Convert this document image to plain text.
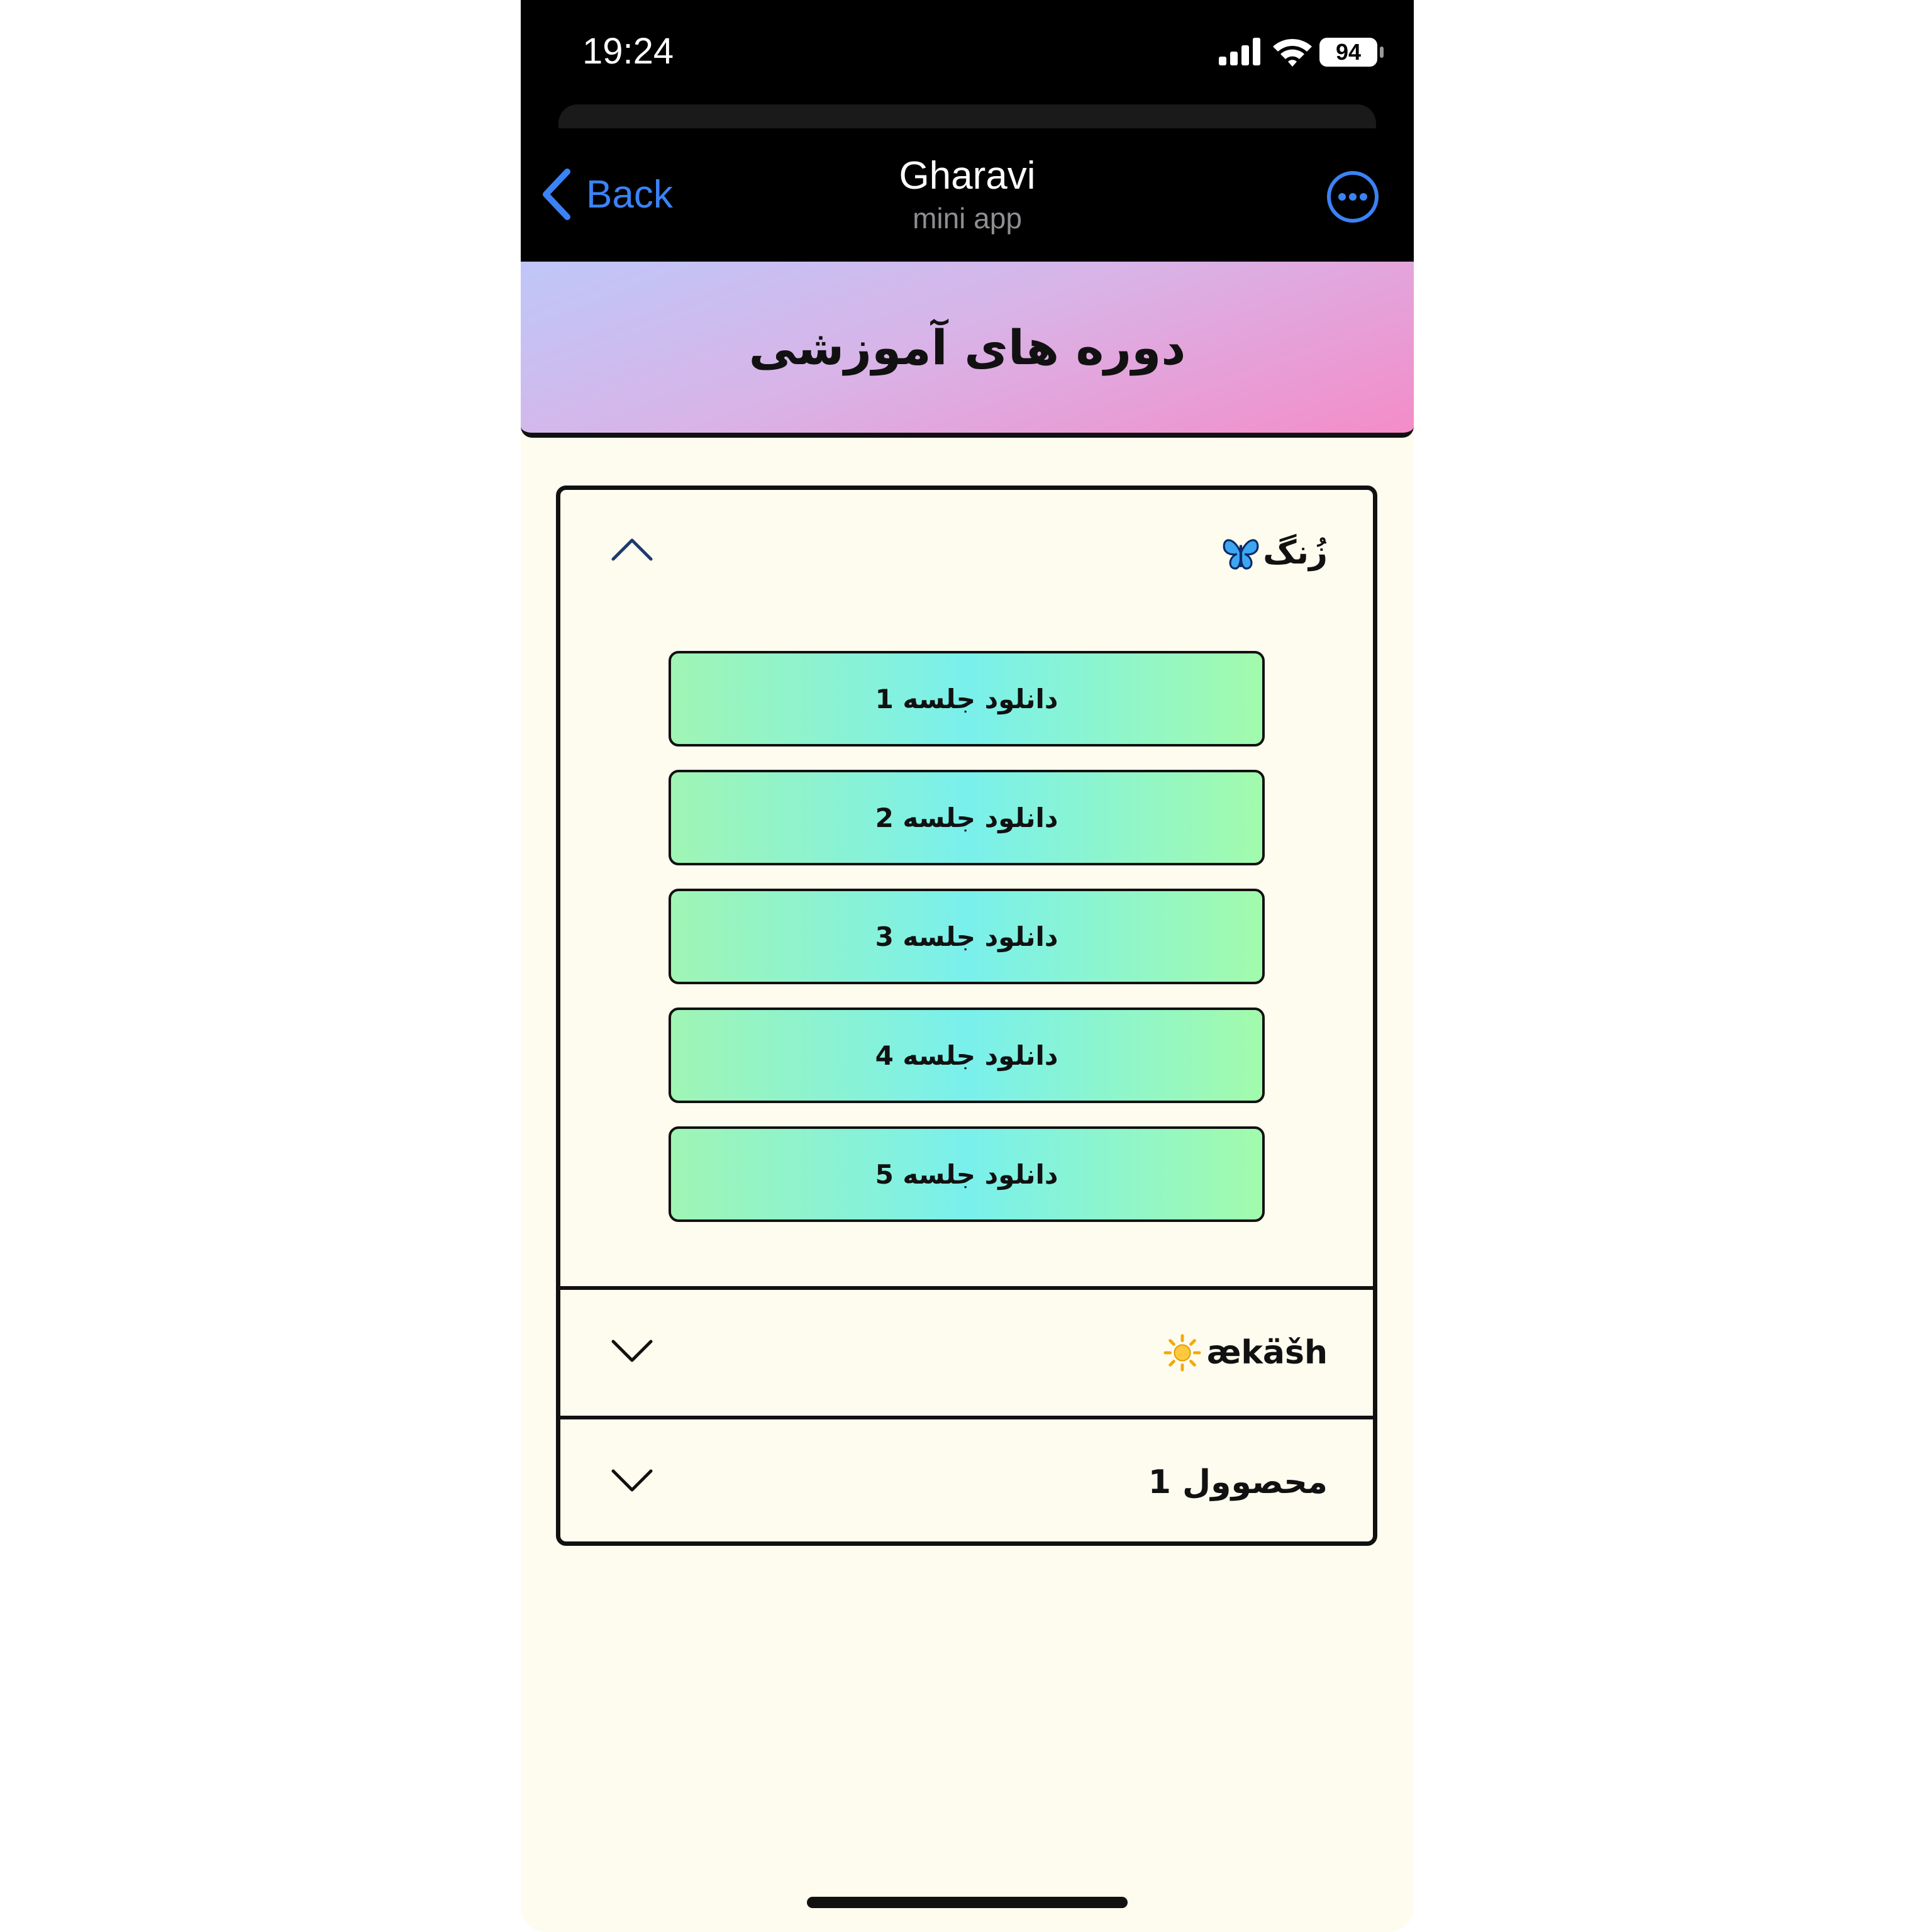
19:24	94
Back	Gharavi
mini app
دوره های آموزشی
زُنگ
دانلود جلسه 1
دانلود جلسه 2
دانلود جلسه 3
دانلود جلسه 4
دانلود جلسه 5
ækäšh
محصوول 1
